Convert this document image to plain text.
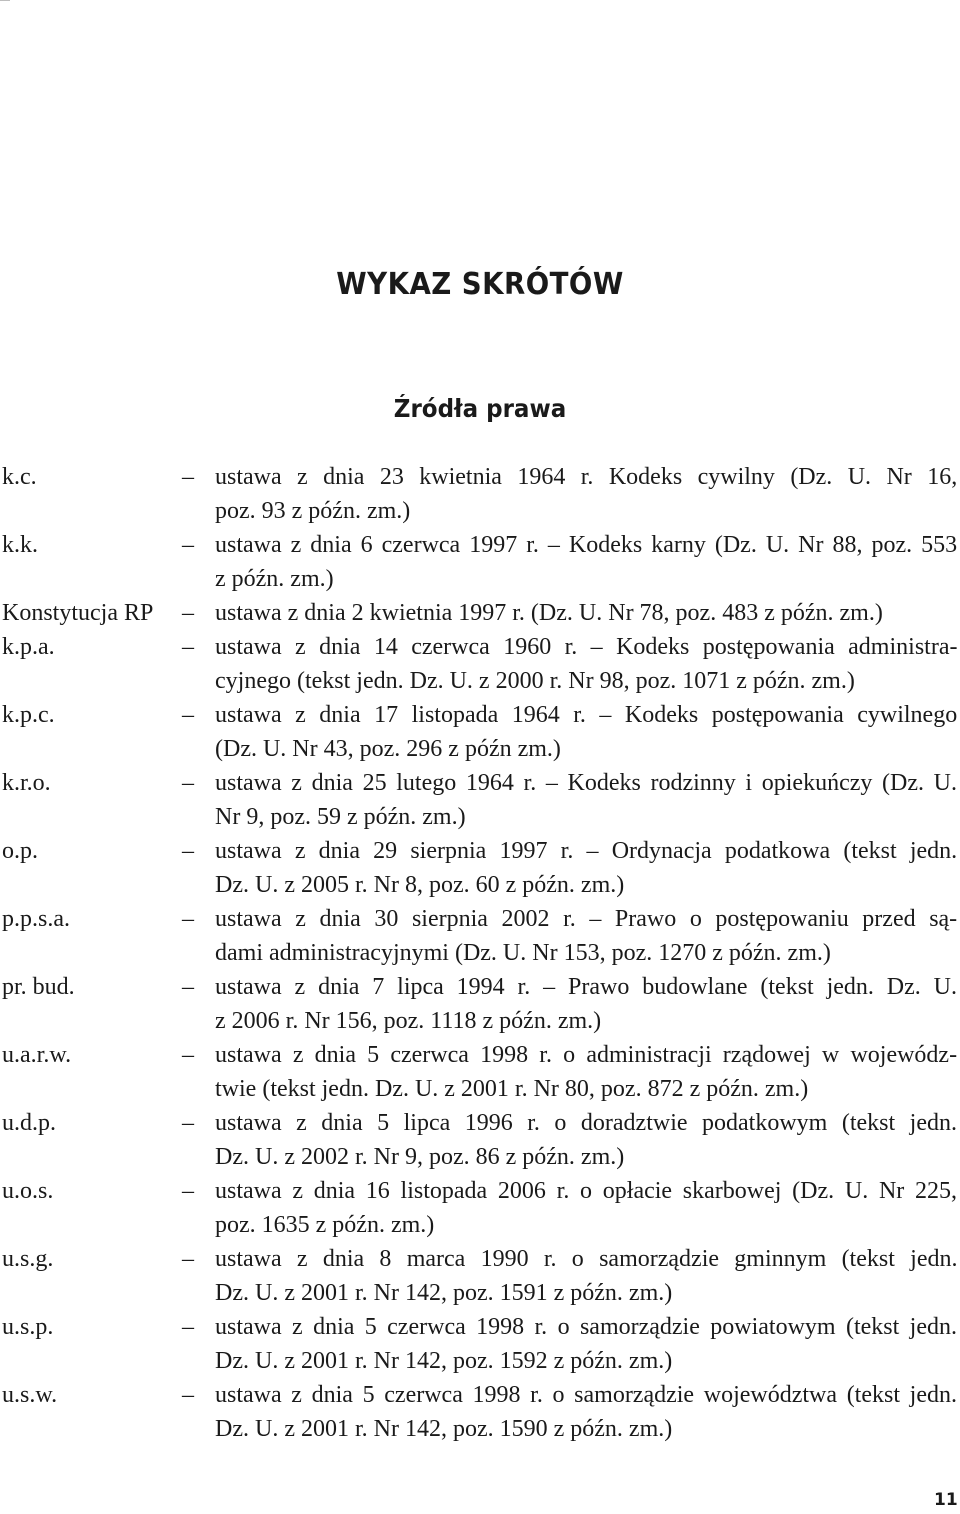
WYKAZ SKRÓTÓW
Źródła prawa
k.c.	– ustawa z dnia 23 kwietnia 1964 r. Kodeks cywilny (Dz. U. Nr 16,
poz. 93 z późn. zm.)
k.k.	– ustawa z dnia 6 czerwca 1997 r. – Kodeks karny (Dz. U. Nr 88, poz. 553
z późn. zm.)
Konstytucja RP – ustawa z dnia 2 kwietnia 1997 r. (Dz. U. Nr 78, poz. 483 z późn. zm.)
k.p.a.	– ustawa z dnia 14 czerwca 1960 r. – Kodeks postępowania administra-
cyjnego (tekst jedn. Dz. U. z 2000 r. Nr 98, poz. 1071 z późn. zm.)
k.p.c.	– ustawa z dnia 17 listopada 1964 r. – Kodeks postępowania cywilnego
(Dz. U. Nr 43, poz. 296 z późn zm.)
k.r.o.	– ustawa z dnia 25 lutego 1964 r. – Kodeks rodzinny i opiekuńczy (Dz. U.
Nr 9, poz. 59 z późn. zm.)
o.p.	– ustawa z dnia 29 sierpnia 1997 r. – Ordynacja podatkowa (tekst jedn.
Dz. U. z 2005 r. Nr 8, poz. 60 z późn. zm.)
p.p.s.a.	– ustawa z dnia 30 sierpnia 2002 r. – Prawo o postępowaniu przed są-
dami administracyjnymi (Dz. U. Nr 153, poz. 1270 z późn. zm.)
pr. bud.	– ustawa z dnia 7 lipca 1994 r. – Prawo budowlane (tekst jedn. Dz. U.
z 2006 r. Nr 156, poz. 1118 z późn. zm.)
u.a.r.w.	– ustawa z dnia 5 czerwca 1998 r. o administracji rządowej w wojewódz-
twie (tekst jedn. Dz. U. z 2001 r. Nr 80, poz. 872 z późn. zm.)
u.d.p.	– ustawa z dnia 5 lipca 1996 r. o doradztwie podatkowym (tekst jedn.
Dz. U. z 2002 r. Nr 9, poz. 86 z późn. zm.)
u.o.s.	– ustawa z dnia 16 listopada 2006 r. o opłacie skarbowej (Dz. U. Nr 225,
poz. 1635 z późn. zm.)
u.s.g.	– ustawa z dnia 8 marca 1990 r. o samorządzie gminnym (tekst jedn.
Dz. U. z 2001 r. Nr 142, poz. 1591 z późn. zm.)
u.s.p.	– ustawa z dnia 5 czerwca 1998 r. o samorządzie powiatowym (tekst jedn.
Dz. U. z 2001 r. Nr 142, poz. 1592 z późn. zm.)
u.s.w.	– ustawa z dnia 5 czerwca 1998 r. o samorządzie województwa (tekst jedn.
Dz. U. z 2001 r. Nr 142, poz. 1590 z późn. zm.)
11
